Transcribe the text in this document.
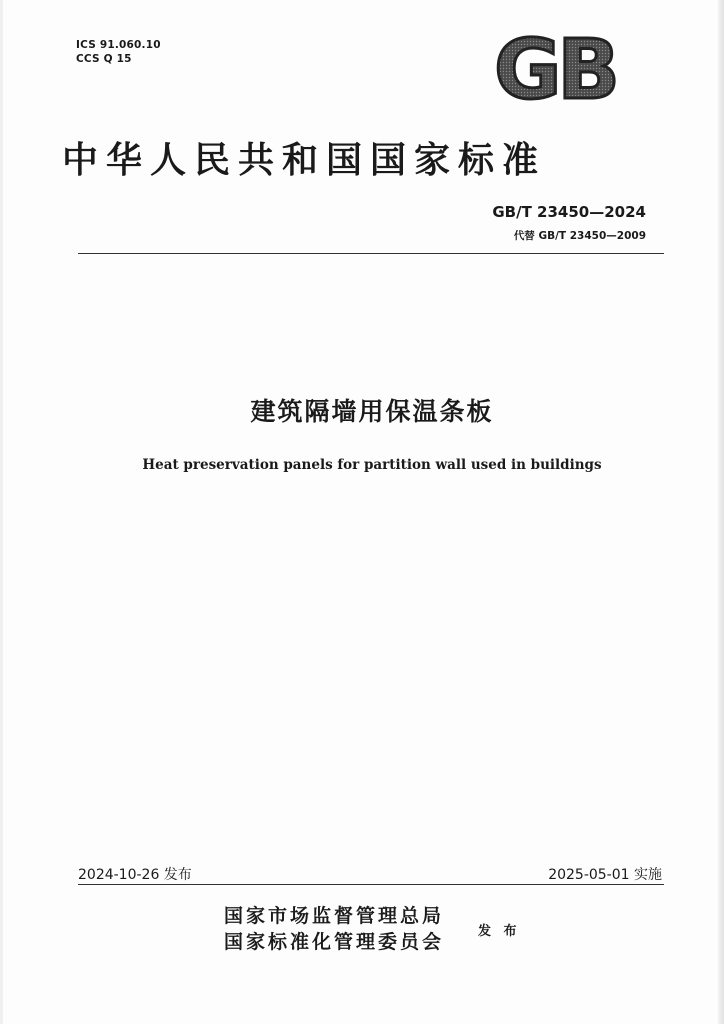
ICS 91.060.10
CCS Q 15	GB
中华人民共和国国家标准
GB/T 23450—2024
代替 GB/T 23450—2009
建筑隔墙用保温条板
Heat preservation panels for partition wall used in buildings
2024-10-26 发布	2025-05-01 实施
国家市场监督管理总局
国家标准化管理委员会	发 布
